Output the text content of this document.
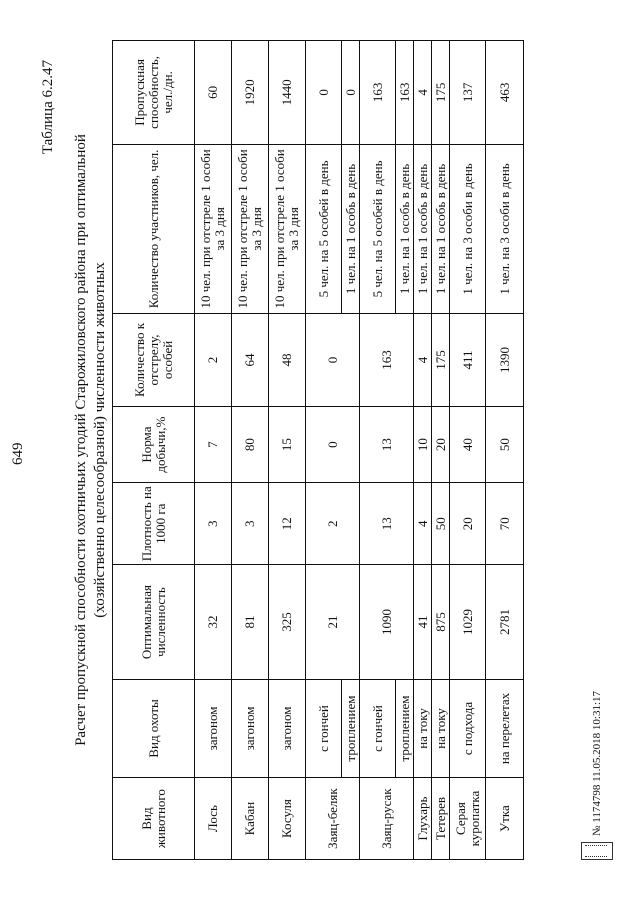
649
Таблица 6.2.47
Расчет пропускной способности охотничьих угодий Старожиловского района при оптимальной (хозяйственно целесообразной) численности животных
Вид животного	Вид охоты	Оптимальная численность	Плотность на 1000 га	Норма добычи,%	Количество к отстрелу, особей	Количество участников, чел.	Пропускная способность, чел./дн.
Лось	загоном	32	3	7	2	10 чел. при отстреле 1 особи за 3 дня	60
Кабан	загоном	81	3	80	64	10 чел. при отстреле 1 особи за 3 дня	1920
Косуля	загоном	325	12	15	48	10 чел. при отстреле 1 особи за 3 дня	1440
Заяц-беляк	с гончей	21	2	0	0	5 чел. на 5 особей в день	0
	троплением					1 чел. на 1 особь в день	0
Заяц-русак	с гончей	1090	13	13	163	5 чел. на 5 особей в день	163
	троплением					1 чел. на 1 особь в день	163
Глухарь	на току	41	4	10	4	1 чел. на 1 особь в день	4
Тетерев	на току	875	50	20	175	1 чел. на 1 особь в день	175
Серая куропатка	с подхода	1029	20	40	411	1 чел. на 3 особи в день	137
Утка	на перелетах	2781	70	50	1390	1 чел. на 3 особи в день	463
№ 1174798 11.05.2018 10:31:17
